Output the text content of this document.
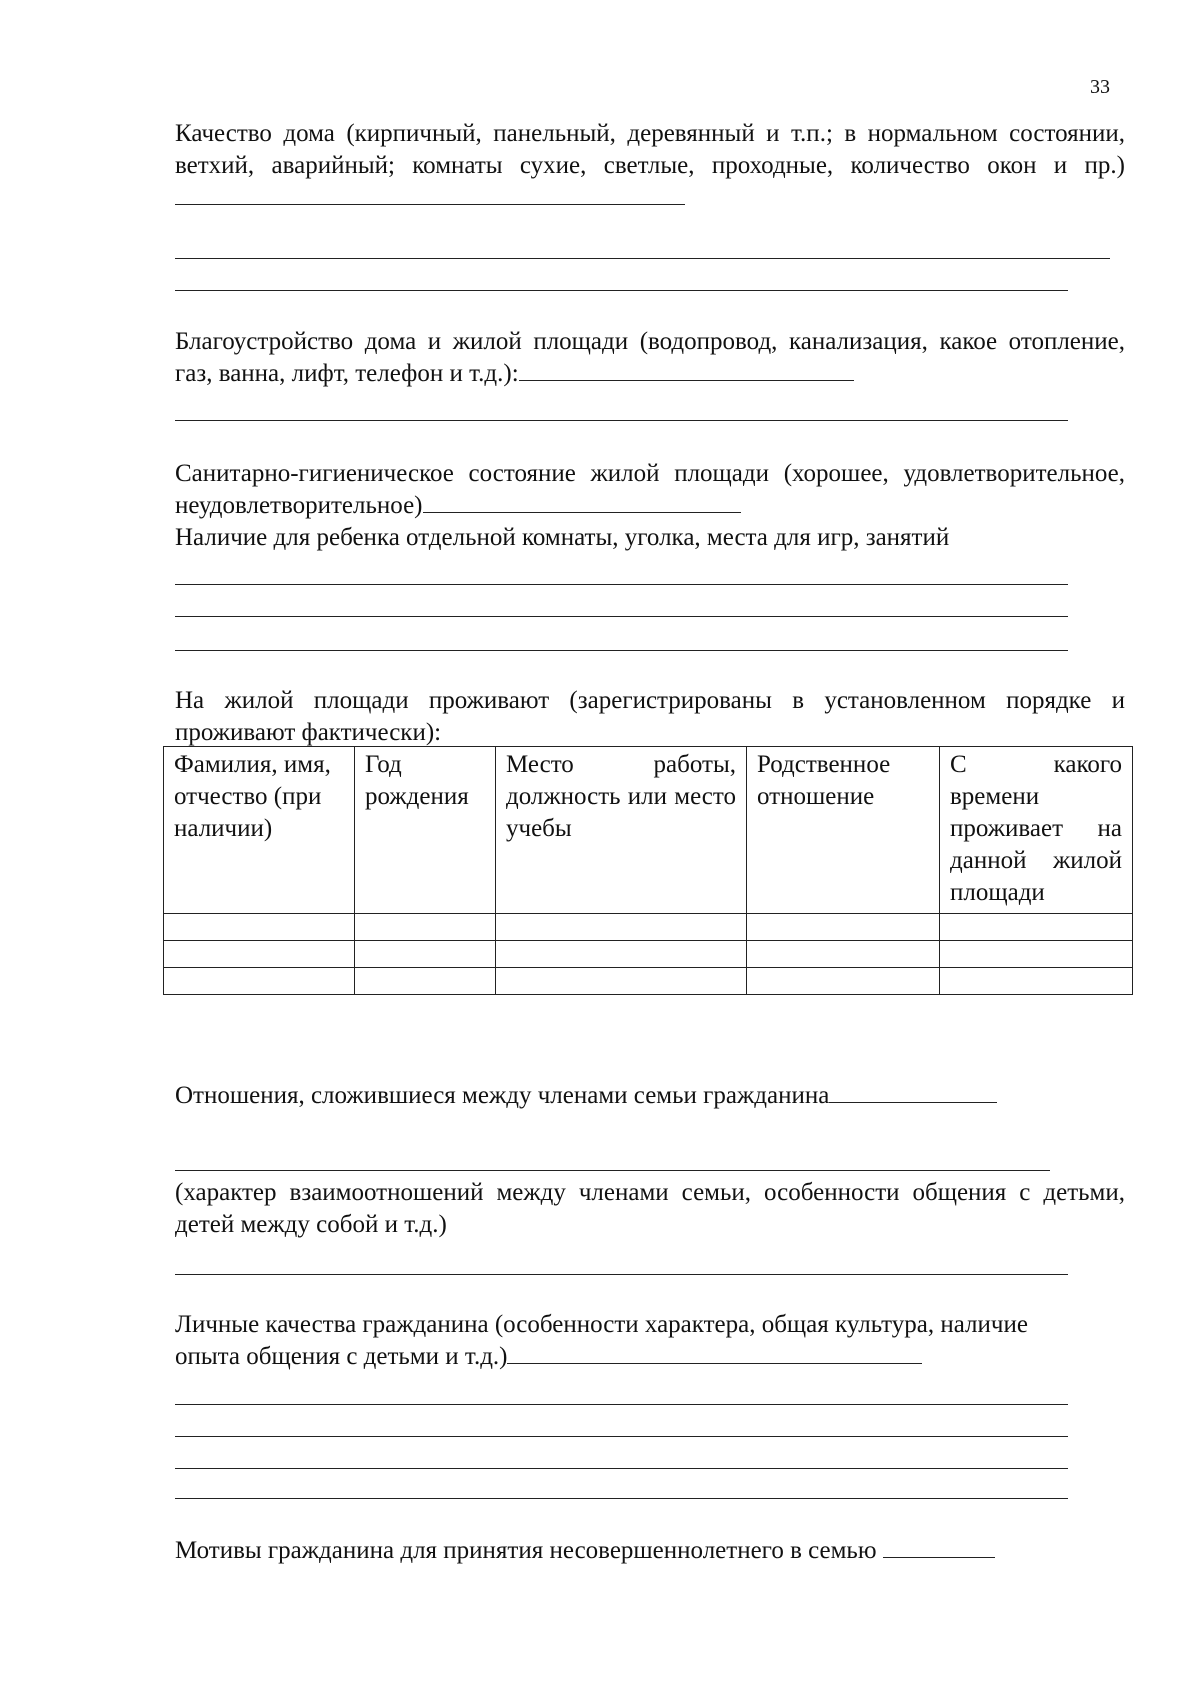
33
Качество дома (кирпичный, панельный, деревянный и т.п.; в нормальном состоянии, ветхий, аварийный; комнаты сухие, светлые, проходные, количество окон и пр.)
Благоустройство дома и жилой площади (водопровод, канализация, какое отопление, газ, ванна, лифт, телефон и т.д.):
Санитарно-гигиеническое состояние жилой площади (хорошее, удовлетворительное, неудовлетворительное)
Наличие для ребенка отдельной комнаты, уголка, места для игр, занятий
На жилой площади проживают (зарегистрированы в установленном порядке и проживают фактически):
Фамилия, имя, отчество (при наличии)	Год рождения	Место работы, должность или место учебы	Родственное отношение	С какого времени проживает на данной жилой площади

Отношения, сложившиеся между членами семьи гражданина
(характер взаимоотношений между членами семьи, особенности общения с детьми, детей между собой и т.д.)
Личные качества гражданина (особенности характера, общая культура, наличие опыта общения с детьми и т.д.)
Мотивы гражданина для принятия несовершеннолетнего в семью
